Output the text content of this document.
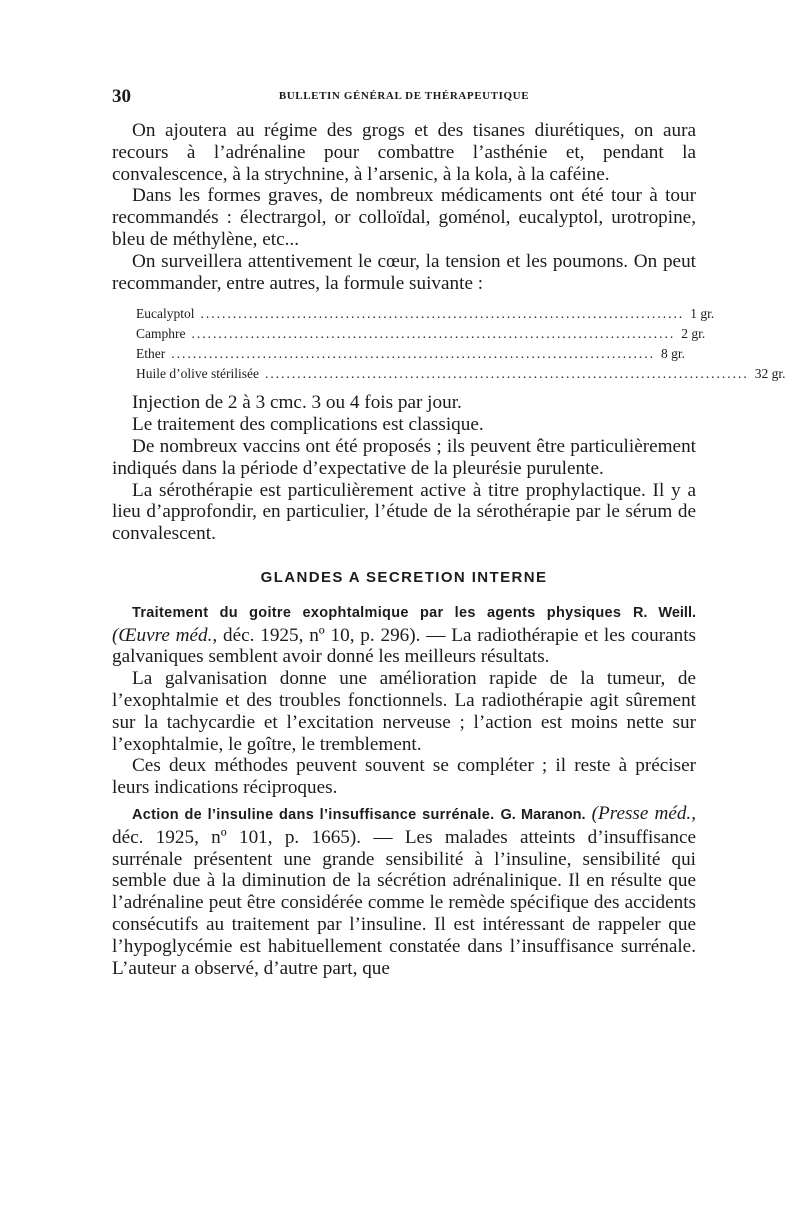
30	BULLETIN GÉNÉRAL DE THÉRAPEUTIQUE

On ajoutera au régime des grogs et des tisanes diurétiques, on aura recours à l’adrénaline pour combattre l’asthénie et, pendant la convalescence, à la strychnine, à l’arsenic, à la kola, à la caféine.

Dans les formes graves, de nombreux médicaments ont été tour à tour recommandés : électrargol, or colloïdal, goménol, eucalyptol, urotropine, bleu de méthylène, etc...

On surveillera attentivement le cœur, la tension et les poumons. On peut recommander, entre autres, la formule suivante :

Eucalyptol .......................................................................................... 1 gr.
Camphre .......................................................................................... 2 gr.
Ether .......................................................................................... 8 gr.
Huile d’olive stérilisée .......................................................................................... 32 gr.

Injection de 2 à 3 cmc. 3 ou 4 fois par jour.

Le traitement des complications est classique.

De nombreux vaccins ont été proposés ; ils peuvent être particulièrement indiqués dans la période d’expectative de la pleurésie purulente.

La sérothérapie est particulièrement active à titre prophylactique. Il y a lieu d’approfondir, en particulier, l’étude de la sérothérapie par le sérum de convalescent.

GLANDES A SECRETION INTERNE

Traitement du goitre exophtalmique par les agents physiques R. Weill. (Œuvre méd., déc. 1925, nº 10, p. 296). — La radiothérapie et les courants galvaniques semblent avoir donné les meilleurs résultats.

La galvanisation donne une amélioration rapide de la tumeur, de l’exophtalmie et des troubles fonctionnels. La radiothérapie agit sûrement sur la tachycardie et l’excitation nerveuse ; l’action est moins nette sur l’exophtalmie, le goître, le tremblement.

Ces deux méthodes peuvent souvent se compléter ; il reste à préciser leurs indications réciproques.

Action de l’insuline dans l’insuffisance surrénale. G. Maranon. (Presse méd., déc. 1925, nº 101, p. 1665). — Les malades atteints d’insuffisance surrénale présentent une grande sensibilité à l’insuline, sensibilité qui semble due à la diminution de la sécrétion adrénalinique. Il en résulte que l’adrénaline peut être considérée comme le remède spécifique des accidents consécutifs au traitement par l’insuline. Il est intéressant de rappeler que l’hypoglycémie est habituellement constatée dans l’insuffisance surrénale. L’auteur a observé, d’autre part, que
